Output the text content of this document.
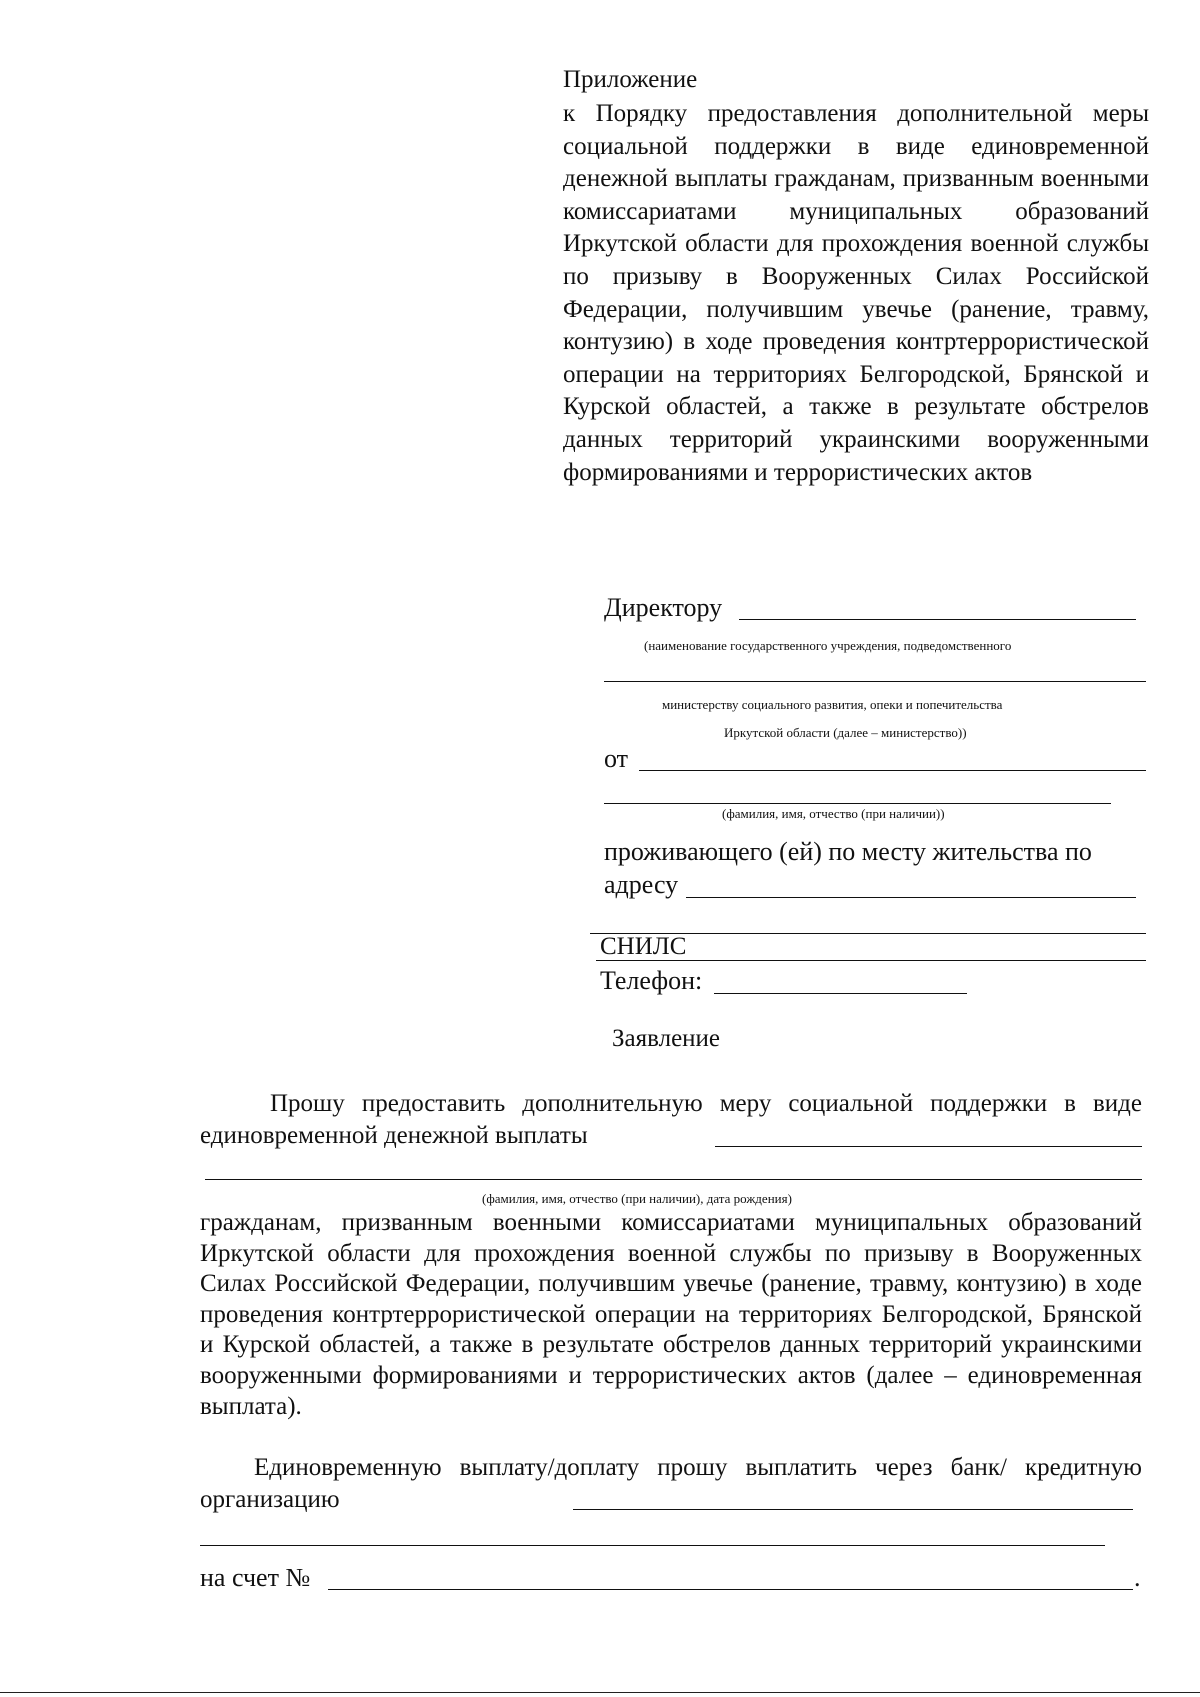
Приложение
к Порядку предоставления дополнительной меры социальной поддержки в виде единовременной денежной выплаты гражданам, призванным военными комиссариатами муниципальных образований Иркутской области для прохождения военной службы по призыву в Вооруженных Силах Российской Федерации, получившим увечье (ранение, травму, контузию) в ходе проведения контртеррористической операции на территориях Белгородской, Брянской и Курской областей, а также в результате обстрелов данных территорий украинскими вооруженными формированиями и террористических актов
Директору
(наименование государственного учреждения, подведомственного
министерству социального развития, опеки и попечительства
Иркутской области (далее – министерство))
от
(фамилия, имя, отчество (при наличии))
проживающего (ей) по месту жительства по
адресу
СНИЛС
Телефон:
Заявление
Прошу предоставить дополнительную меру социальной поддержки в виде единовременной денежной выплаты
(фамилия, имя, отчество (при наличии), дата рождения)

гражданам, призванным военными комиссариатами муниципальных образований Иркутской области для прохождения военной службы по призыву в Вооруженных Силах Российской Федерации, получившим увечье (ранение, травму, контузию) в ходе проведения контртеррористической операции на территориях Белгородской, Брянской и Курской областей, а также в результате обстрелов данных территорий украинскими вооруженными формированиями и террористических актов (далее – единовременная выплата).

Единовременную выплату/доплату прошу выплатить через банк/ кредитную организацию
на счет №	.
